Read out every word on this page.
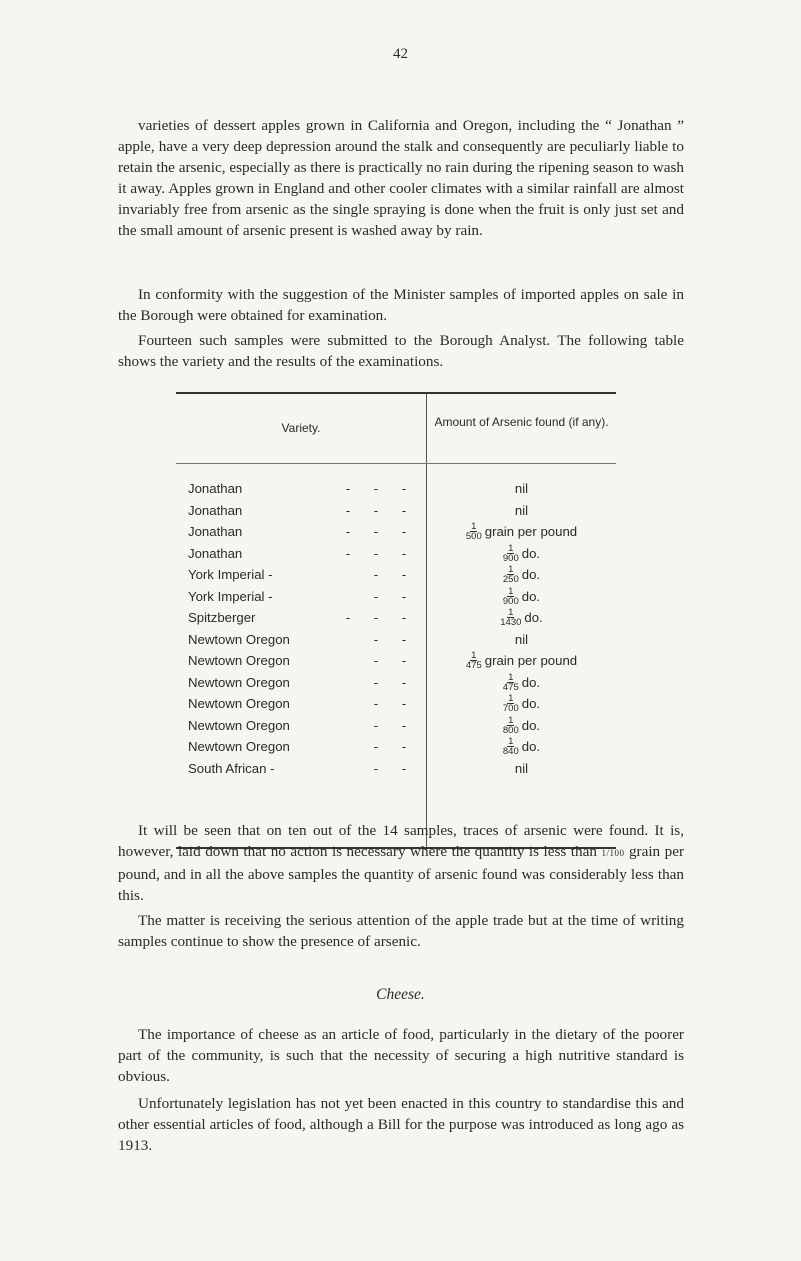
42

varieties of dessert apples grown in California and Oregon, including the “ Jonathan ” apple, have a very deep depression around the stalk and consequently are peculiarly liable to retain the arsenic, especially as there is practically no rain during the ripening season to wash it away. Apples grown in England and other cooler climates with a similar rainfall are almost invariably free from arsenic as the single spraying is done when the fruit is only just set and the small amount of arsenic present is washed away by rain.

In conformity with the suggestion of the Minister samples of imported apples on sale in the Borough were obtained for examination.

Fourteen such samples were submitted to the Borough Analyst. The following table shows the variety and the results of the examinations.

Variety.	Amount of Arsenic found (if any).
Jonathan	- - -	nil
Jonathan	- - -	nil
Jonathan	- - -	$\frac{1}{500}$ grain per pound
Jonathan	- - -	$\frac{1}{900}$ do.
York Imperial -	- -	$\frac{1}{250}$ do.
York Imperial -	- -	$\frac{1}{900}$ do.
Spitzberger	- - -	$\frac{1}{1430}$ do.
Newtown Oregon	- -	nil
Newtown Oregon	- -	$\frac{1}{475}$ grain per pound
Newtown Oregon	- -	$\frac{1}{475}$ do.
Newtown Oregon	- -	$\frac{1}{700}$ do.
Newtown Oregon	- -	$\frac{1}{800}$ do.
Newtown Oregon	- -	$\frac{1}{840}$ do.
South African -	- -	nil

It will be seen that on ten out of the 14 samples, traces of arsenic were found. It is, however, laid down that no action is necessary where the quantity is less than 1/100 grain per pound, and in all the above samples the quantity of arsenic found was considerably less than this.

The matter is receiving the serious attention of the apple trade but at the time of writing samples continue to show the presence of arsenic.

Cheese.

The importance of cheese as an article of food, particularly in the dietary of the poorer part of the community, is such that the necessity of securing a high nutritive standard is obvious.

Unfortunately legislation has not yet been enacted in this country to standardise this and other essential articles of food, although a Bill for the purpose was introduced as long ago as 1913.
